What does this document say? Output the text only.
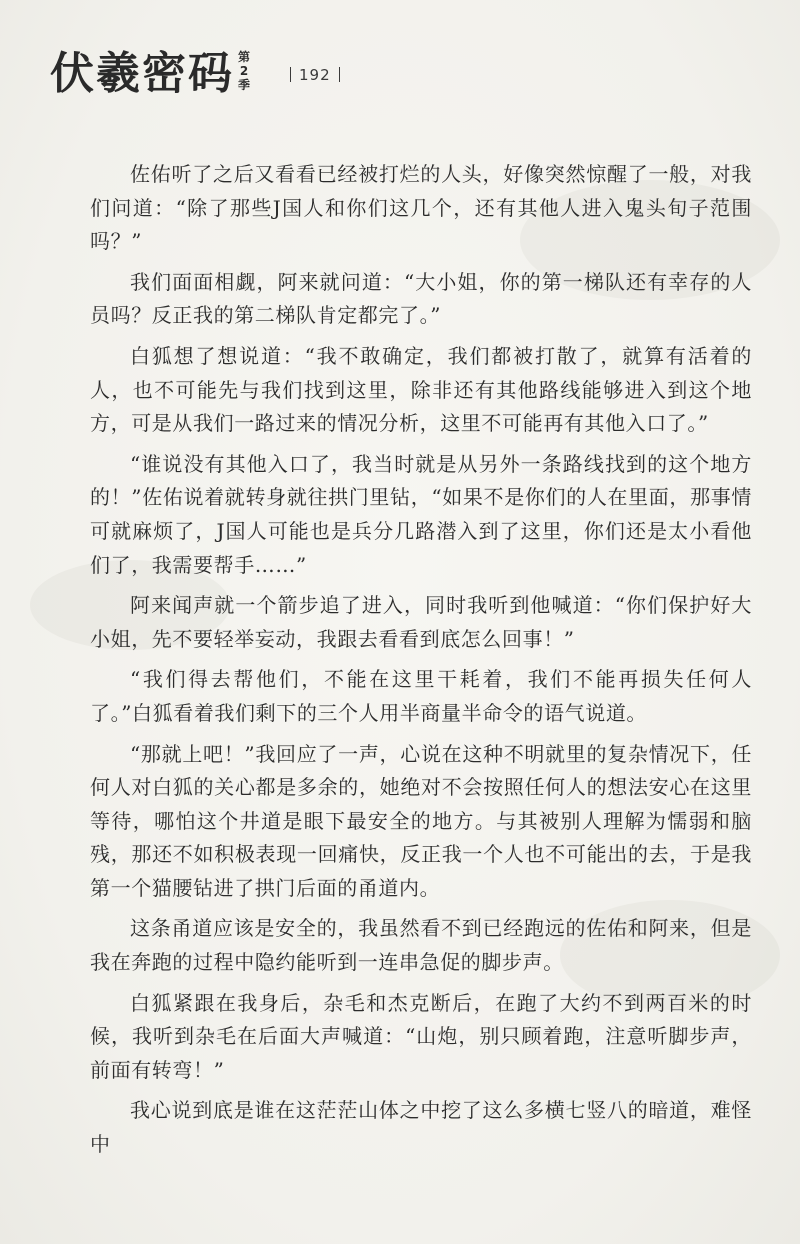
伏羲密码 第2季
192

佐佑听了之后又看看已经被打烂的人头，好像突然惊醒了一般，对我们问道：“除了那些J国人和你们这几个，还有其他人进入鬼头旬子范围吗？”

我们面面相觑，阿来就问道：“大小姐，你的第一梯队还有幸存的人员吗？反正我的第二梯队肯定都完了。”

白狐想了想说道：“我不敢确定，我们都被打散了，就算有活着的人，也不可能先与我们找到这里，除非还有其他路线能够进入到这个地方，可是从我们一路过来的情况分析，这里不可能再有其他入口了。”

“谁说没有其他入口了，我当时就是从另外一条路线找到的这个地方的！”佐佑说着就转身就往拱门里钻，“如果不是你们的人在里面，那事情可就麻烦了，J国人可能也是兵分几路潜入到了这里，你们还是太小看他们了，我需要帮手……”

阿来闻声就一个箭步追了进入，同时我听到他喊道：“你们保护好大小姐，先不要轻举妄动，我跟去看看到底怎么回事！”

“我们得去帮他们，不能在这里干耗着，我们不能再损失任何人了。”白狐看着我们剩下的三个人用半商量半命令的语气说道。

“那就上吧！”我回应了一声，心说在这种不明就里的复杂情况下，任何人对白狐的关心都是多余的，她绝对不会按照任何人的想法安心在这里等待，哪怕这个井道是眼下最安全的地方。与其被别人理解为懦弱和脑残，那还不如积极表现一回痛快，反正我一个人也不可能出的去，于是我第一个猫腰钻进了拱门后面的甬道内。

这条甬道应该是安全的，我虽然看不到已经跑远的佐佑和阿来，但是我在奔跑的过程中隐约能听到一连串急促的脚步声。

白狐紧跟在我身后，杂毛和杰克断后，在跑了大约不到两百米的时候，我听到杂毛在后面大声喊道：“山炮，别只顾着跑，注意听脚步声，前面有转弯！”

我心说到底是谁在这茫茫山体之中挖了这么多横七竖八的暗道，难怪中
